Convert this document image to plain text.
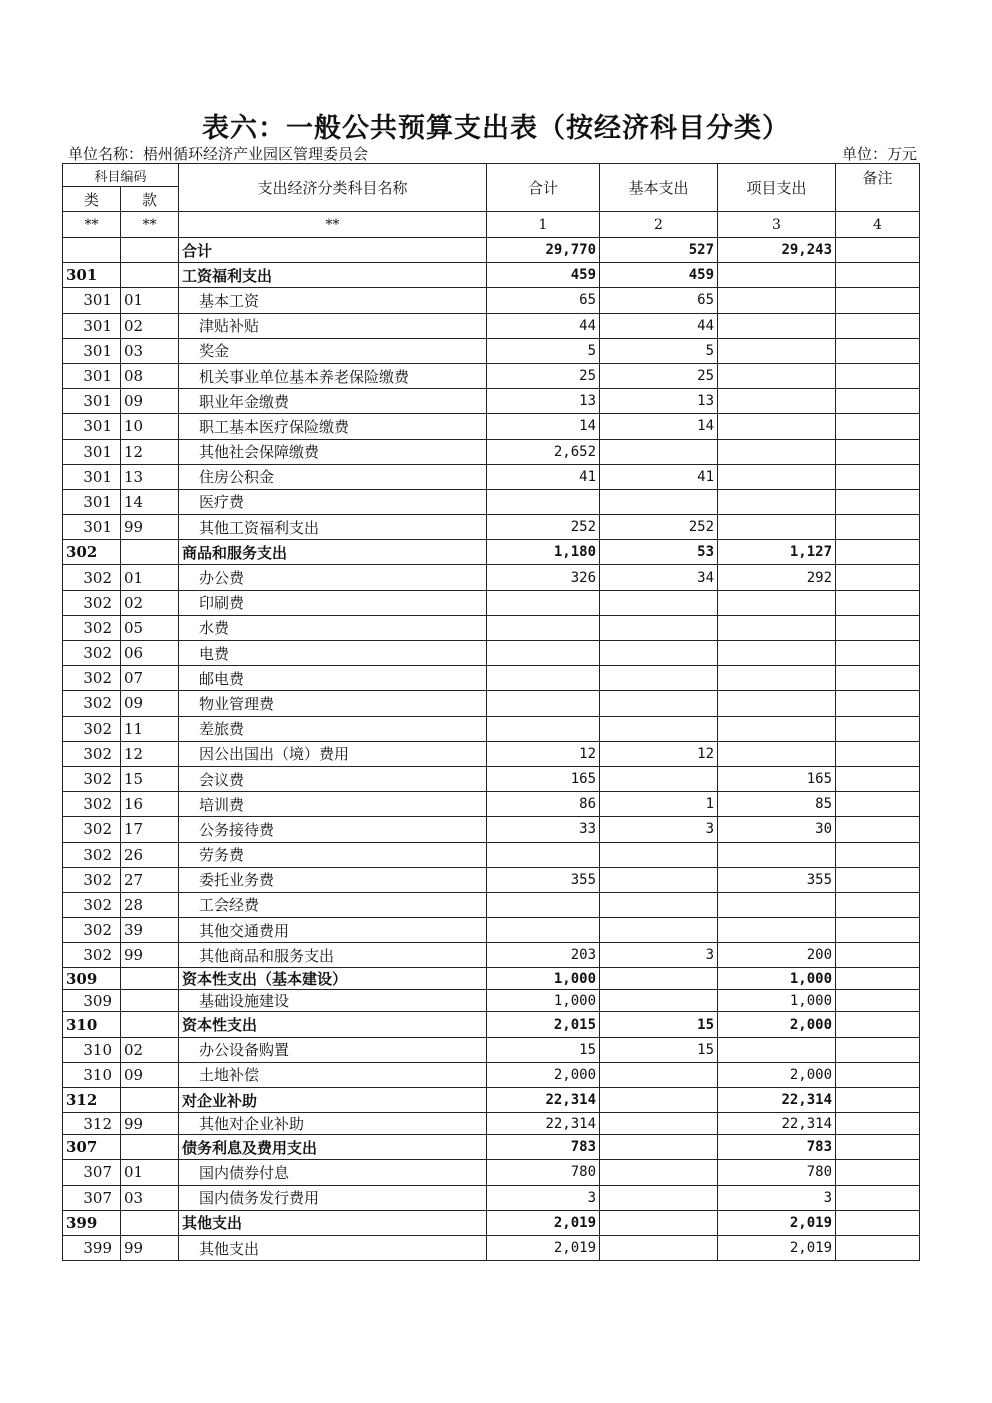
表六：一般公共预算支出表（按经济科目分类）
单位名称：梧州循环经济产业园区管理委员会	单位：万元
科目编码		支出经济分类科目名称	合计	基本支出	项目支出	备注
类	款					
**	**	**	1	2	3	4
		合计	29,770	527	29,243	
301		工资福利支出	459	459		
301	01	基本工资	65	65		
301	02	津贴补贴	44	44		
301	03	奖金	5	5		
301	08	机关事业单位基本养老保险缴费	25	25		
301	09	职业年金缴费	13	13		
301	10	职工基本医疗保险缴费	14	14		
301	12	其他社会保障缴费	2,652			
301	13	住房公积金	41	41		
301	14	医疗费				
301	99	其他工资福利支出	252	252		
302		商品和服务支出	1,180	53	1,127	
302	01	办公费	326	34	292	
302	02	印刷费				
302	05	水费				
302	06	电费				
302	07	邮电费				
302	09	物业管理费				
302	11	差旅费				
302	12	因公出国出（境）费用	12	12		
302	15	会议费	165		165	
302	16	培训费	86	1	85	
302	17	公务接待费	33	3	30	
302	26	劳务费				
302	27	委托业务费	355		355	
302	28	工会经费				
302	39	其他交通费用				
302	99	其他商品和服务支出	203	3	200	
309		资本性支出（基本建设）	1,000		1,000	
309		基础设施建设	1,000		1,000	
310		资本性支出	2,015	15	2,000	
310	02	办公设备购置	15	15		
310	09	土地补偿	2,000		2,000	
312		对企业补助	22,314		22,314	
312	99	其他对企业补助	22,314		22,314	
307		债务利息及费用支出	783		783	
307	01	国内债券付息	780		780	
307	03	国内债务发行费用	3		3	
399		其他支出	2,019		2,019	
399	99	其他支出	2,019		2,019	
